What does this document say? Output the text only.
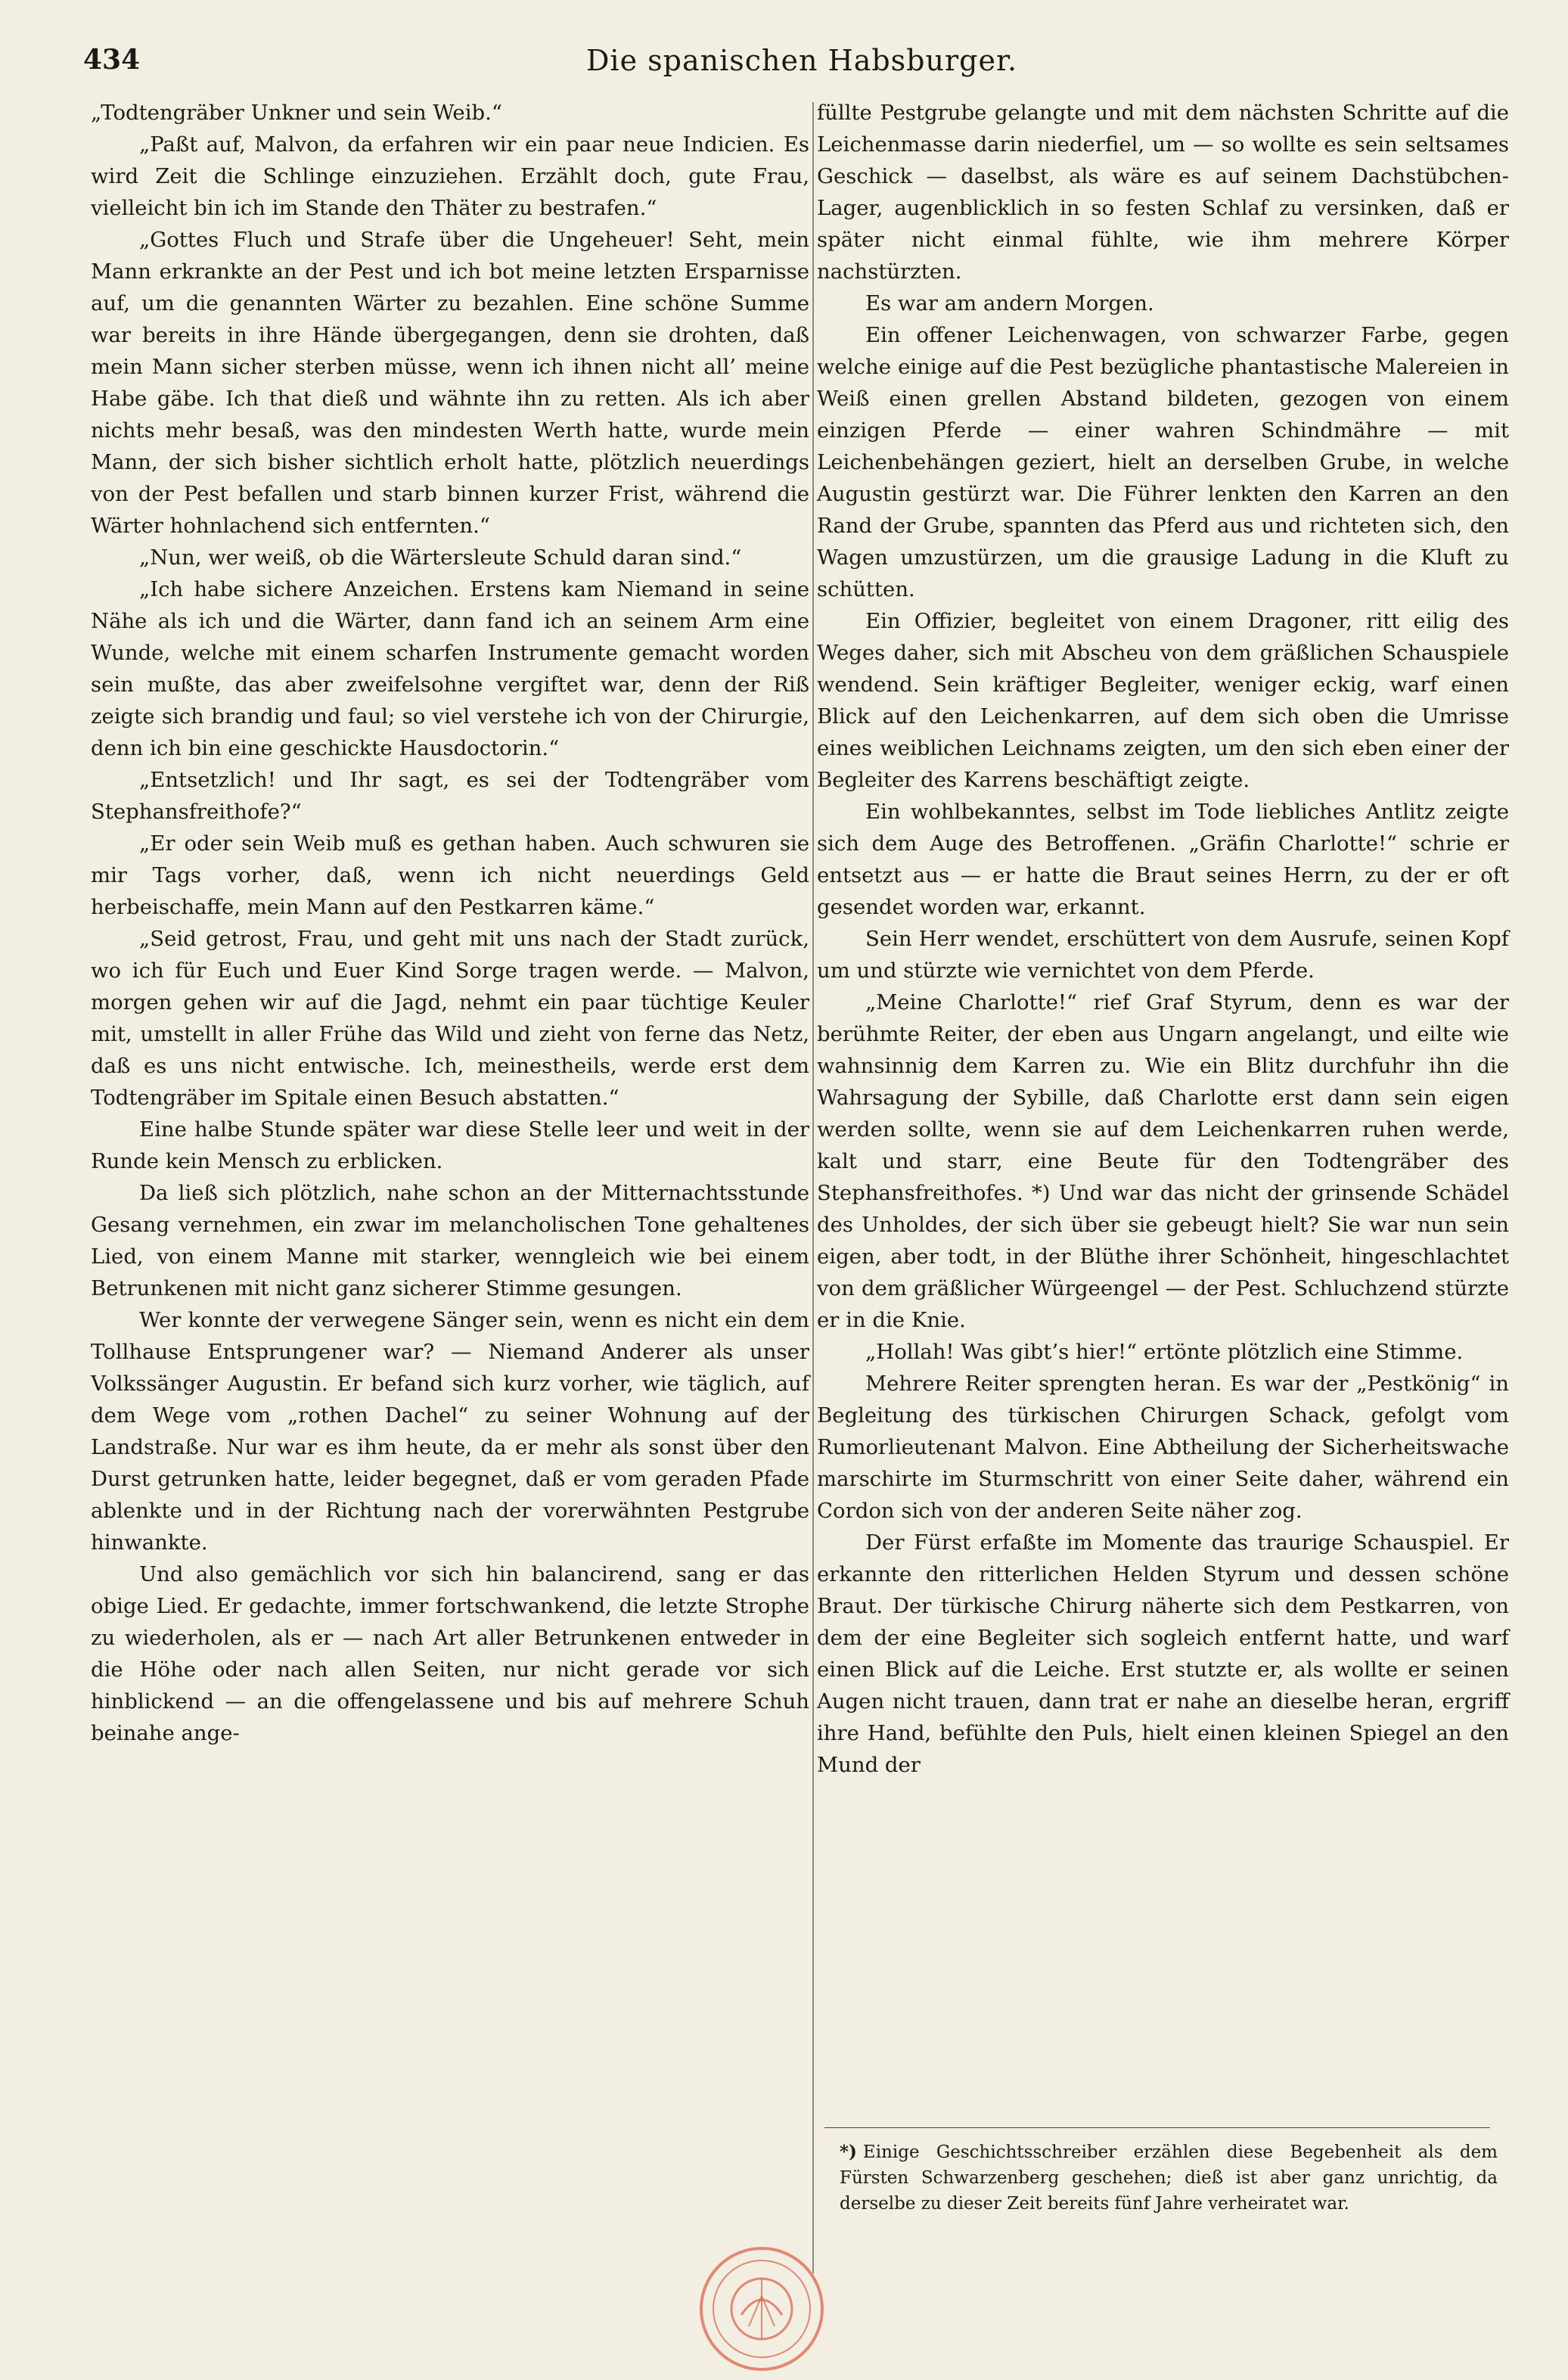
434	Die spanischen Habsburger.

„Todtengräber Unkner und sein Weib.“

„Paßt auf, Malvon, da erfahren wir ein paar neue Indicien. Es wird Zeit die Schlinge einzuziehen. Erzählt doch, gute Frau, vielleicht bin ich im Stande den Thäter zu bestrafen.“

„Gottes Fluch und Strafe über die Ungeheuer! Seht, mein Mann erkrankte an der Pest und ich bot meine letzten Ersparnisse auf, um die genannten Wärter zu bezahlen. Eine schöne Summe war bereits in ihre Hände übergegangen, denn sie drohten, daß mein Mann sicher sterben müsse, wenn ich ihnen nicht all’ meine Habe gäbe. Ich that dieß und wähnte ihn zu retten. Als ich aber nichts mehr besaß, was den mindesten Werth hatte, wurde mein Mann, der sich bisher sichtlich erholt hatte, plötzlich neuerdings von der Pest befallen und starb binnen kurzer Frist, während die Wärter hohnlachend sich entfernten.“

„Nun, wer weiß, ob die Wärtersleute Schuld daran sind.“

„Ich habe sichere Anzeichen. Erstens kam Niemand in seine Nähe als ich und die Wärter, dann fand ich an seinem Arm eine Wunde, welche mit einem scharfen Instrumente gemacht worden sein mußte, das aber zweifelsohne vergiftet war, denn der Riß zeigte sich brandig und faul; so viel verstehe ich von der Chirurgie, denn ich bin eine geschickte Hausdoctorin.“

„Entsetzlich! und Ihr sagt, es sei der Todtengräber vom Stephansfreithofe?“

„Er oder sein Weib muß es gethan haben. Auch schwuren sie mir Tags vorher, daß, wenn ich nicht neuerdings Geld herbeischaffe, mein Mann auf den Pestkarren käme.“

„Seid getrost, Frau, und geht mit uns nach der Stadt zurück, wo ich für Euch und Euer Kind Sorge tragen werde. — Malvon, morgen gehen wir auf die Jagd, nehmt ein paar tüchtige Keuler mit, umstellt in aller Frühe das Wild und zieht von ferne das Netz, daß es uns nicht entwische. Ich, meinestheils, werde erst dem Todtengräber im Spitale einen Besuch abstatten.“

Eine halbe Stunde später war diese Stelle leer und weit in der Runde kein Mensch zu erblicken.

Da ließ sich plötzlich, nahe schon an der Mitternachtsstunde Gesang vernehmen, ein zwar im melancholischen Tone gehaltenes Lied, von einem Manne mit starker, wenngleich wie bei einem Betrunkenen mit nicht ganz sicherer Stimme gesungen.

Wer konnte der verwegene Sänger sein, wenn es nicht ein dem Tollhause Entsprungener war? — Niemand Anderer als unser Volkssänger Augustin. Er befand sich kurz vorher, wie täglich, auf dem Wege vom „rothen Dachel“ zu seiner Wohnung auf der Landstraße. Nur war es ihm heute, da er mehr als sonst über den Durst getrunken hatte, leider begegnet, daß er vom geraden Pfade ablenkte und in der Richtung nach der vorerwähnten Pestgrube hinwankte.

Und also gemächlich vor sich hin balancirend, sang er das obige Lied. Er gedachte, immer fortschwankend, die letzte Strophe zu wiederholen, als er — nach Art aller Betrunkenen entweder in die Höhe oder nach allen Seiten, nur nicht gerade vor sich hinblickend — an die offengelassene und bis auf mehrere Schuh beinahe ange-

füllte Pestgrube gelangte und mit dem nächsten Schritte auf die Leichenmasse darin niederfiel, um — so wollte es sein seltsames Geschick — daselbst, als wäre es auf seinem Dachstübchen-Lager, augenblicklich in so festen Schlaf zu versinken, daß er später nicht einmal fühlte, wie ihm mehrere Körper nachstürzten.

Es war am andern Morgen.

Ein offener Leichenwagen, von schwarzer Farbe, gegen welche einige auf die Pest bezügliche phantastische Malereien in Weiß einen grellen Abstand bildeten, gezogen von einem einzigen Pferde — einer wahren Schindmähre — mit Leichenbehängen geziert, hielt an derselben Grube, in welche Augustin gestürzt war. Die Führer lenkten den Karren an den Rand der Grube, spannten das Pferd aus und richteten sich, den Wagen umzustürzen, um die grausige Ladung in die Kluft zu schütten.

Ein Offizier, begleitet von einem Dragoner, ritt eilig des Weges daher, sich mit Abscheu von dem gräßlichen Schauspiele wendend. Sein kräftiger Begleiter, weniger eckig, warf einen Blick auf den Leichenkarren, auf dem sich oben die Umrisse eines weiblichen Leichnams zeigten, um den sich eben einer der Begleiter des Karrens beschäftigt zeigte.

Ein wohlbekanntes, selbst im Tode liebliches Antlitz zeigte sich dem Auge des Betroffenen. „Gräfin Charlotte!“ schrie er entsetzt aus — er hatte die Braut seines Herrn, zu der er oft gesendet worden war, erkannt.

Sein Herr wendet, erschüttert von dem Ausrufe, seinen Kopf um und stürzte wie vernichtet von dem Pferde.

„Meine Charlotte!“ rief Graf Styrum, denn es war der berühmte Reiter, der eben aus Ungarn angelangt, und eilte wie wahnsinnig dem Karren zu. Wie ein Blitz durchfuhr ihn die Wahrsagung der Sybille, daß Charlotte erst dann sein eigen werden sollte, wenn sie auf dem Leichenkarren ruhen werde, kalt und starr, eine Beute für den Todtengräber des Stephansfreithofes. *) Und war das nicht der grinsende Schädel des Unholdes, der sich über sie gebeugt hielt? Sie war nun sein eigen, aber todt, in der Blüthe ihrer Schönheit, hingeschlachtet von dem gräßlicher Würgeengel — der Pest. Schluchzend stürzte er in die Knie.

„Hollah! Was gibt’s hier!“ ertönte plötzlich eine Stimme.

Mehrere Reiter sprengten heran. Es war der „Pestkönig“ in Begleitung des türkischen Chirurgen Schack, gefolgt vom Rumorlieutenant Malvon. Eine Abtheilung der Sicherheitswache marschirte im Sturmschritt von einer Seite daher, während ein Cordon sich von der anderen Seite näher zog.

Der Fürst erfaßte im Momente das traurige Schauspiel. Er erkannte den ritterlichen Helden Styrum und dessen schöne Braut. Der türkische Chirurg näherte sich dem Pestkarren, von dem der eine Begleiter sich sogleich entfernt hatte, und warf einen Blick auf die Leiche. Erst stutzte er, als wollte er seinen Augen nicht trauen, dann trat er nahe an dieselbe heran, ergriff ihre Hand, befühlte den Puls, hielt einen kleinen Spiegel an den Mund der

*) Einige Geschichtsschreiber erzählen diese Begebenheit als dem Fürsten Schwarzenberg geschehen; dieß ist aber ganz unrichtig, da derselbe zu dieser Zeit bereits fünf Jahre verheiratet war.
